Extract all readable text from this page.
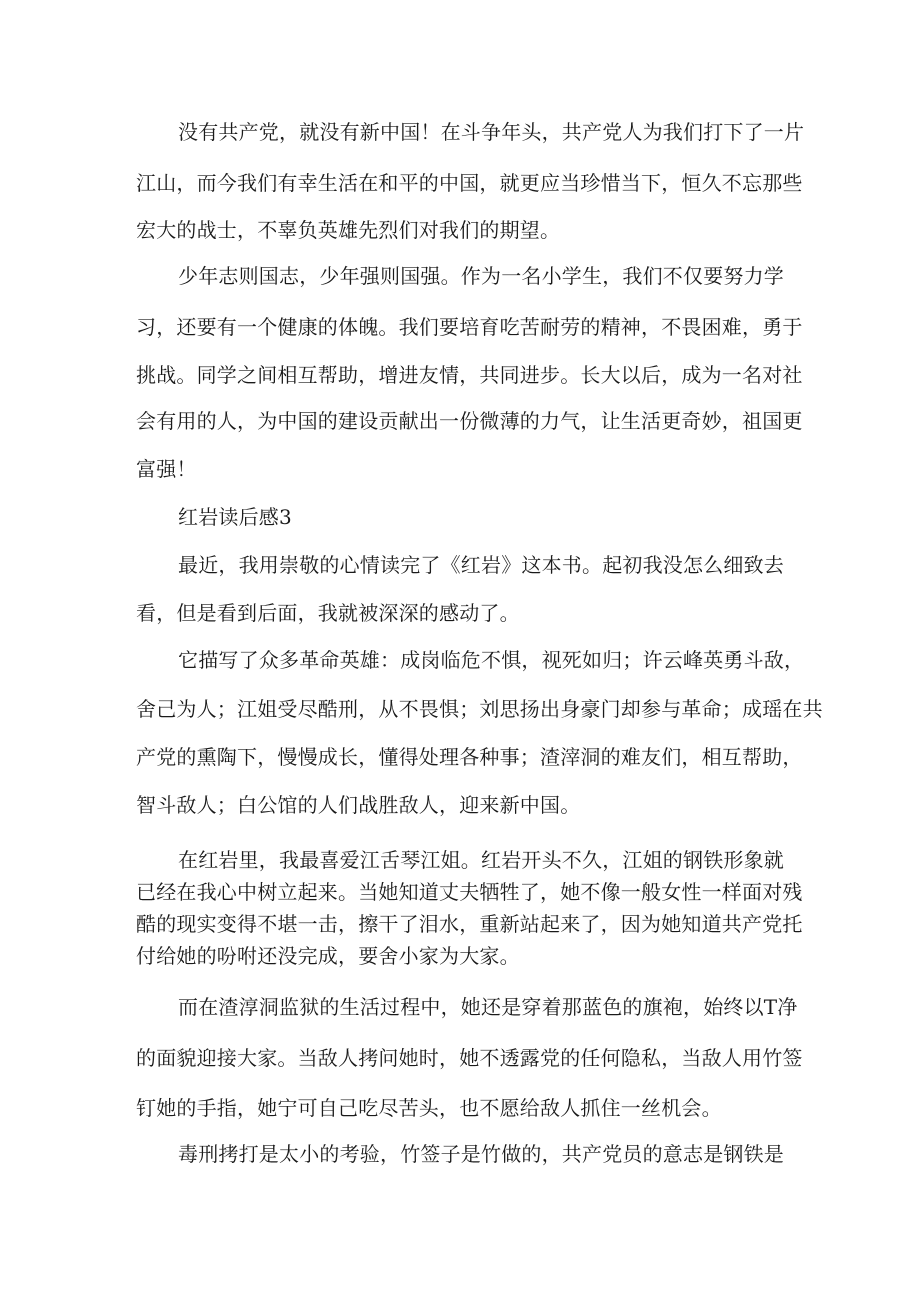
没有共产党，就没有新中国！在斗争年头，共产党人为我们打下了一片
江山，而今我们有幸生活在和平的中国，就更应当珍惜当下，恒久不忘那些
宏大的战士，不辜负英雄先烈们对我们的期望。
少年志则国志，少年强则国强。作为一名小学生，我们不仅要努力学
习，还要有一个健康的体魄。我们要培育吃苦耐劳的精神，不畏困难，勇于
挑战。同学之间相互帮助，增进友情，共同进步。长大以后，成为一名对社
会有用的人，为中国的建设贡献出一份微薄的力气，让生活更奇妙，祖国更
富强！
红岩读后感3
最近，我用崇敬的心情读完了《红岩》这本书。起初我没怎么细致去
看，但是看到后面，我就被深深的感动了。
它描写了众多革命英雄：成岗临危不惧，视死如归；许云峰英勇斗敌，
舍己为人；江姐受尽酷刑，从不畏惧；刘思扬出身豪门却参与革命；成瑶在共
产党的熏陶下，慢慢成长，懂得处理各种事；渣滓洞的难友们，相互帮助，
智斗敌人；白公馆的人们战胜敌人，迎来新中国。
在红岩里，我最喜爱江舌琴江姐。红岩开头不久，江姐的钢铁形象就
已经在我心中树立起来。当她知道丈夫牺牲了，她不像一般女性一样面对残
酷的现实变得不堪一击，擦干了泪水，重新站起来了，因为她知道共产党托
付给她的吩咐还没完成，要舍小家为大家。
而在渣淳洞监狱的生活过程中，她还是穿着那蓝色的旗袍，始终以T净
的面貌迎接大家。当敌人拷问她时，她不透露党的任何隐私，当敌人用竹签
钉她的手指，她宁可自己吃尽苦头，也不愿给敌人抓住一丝机会。
毒刑拷打是太小的考验，竹签子是竹做的，共产党员的意志是钢铁是
